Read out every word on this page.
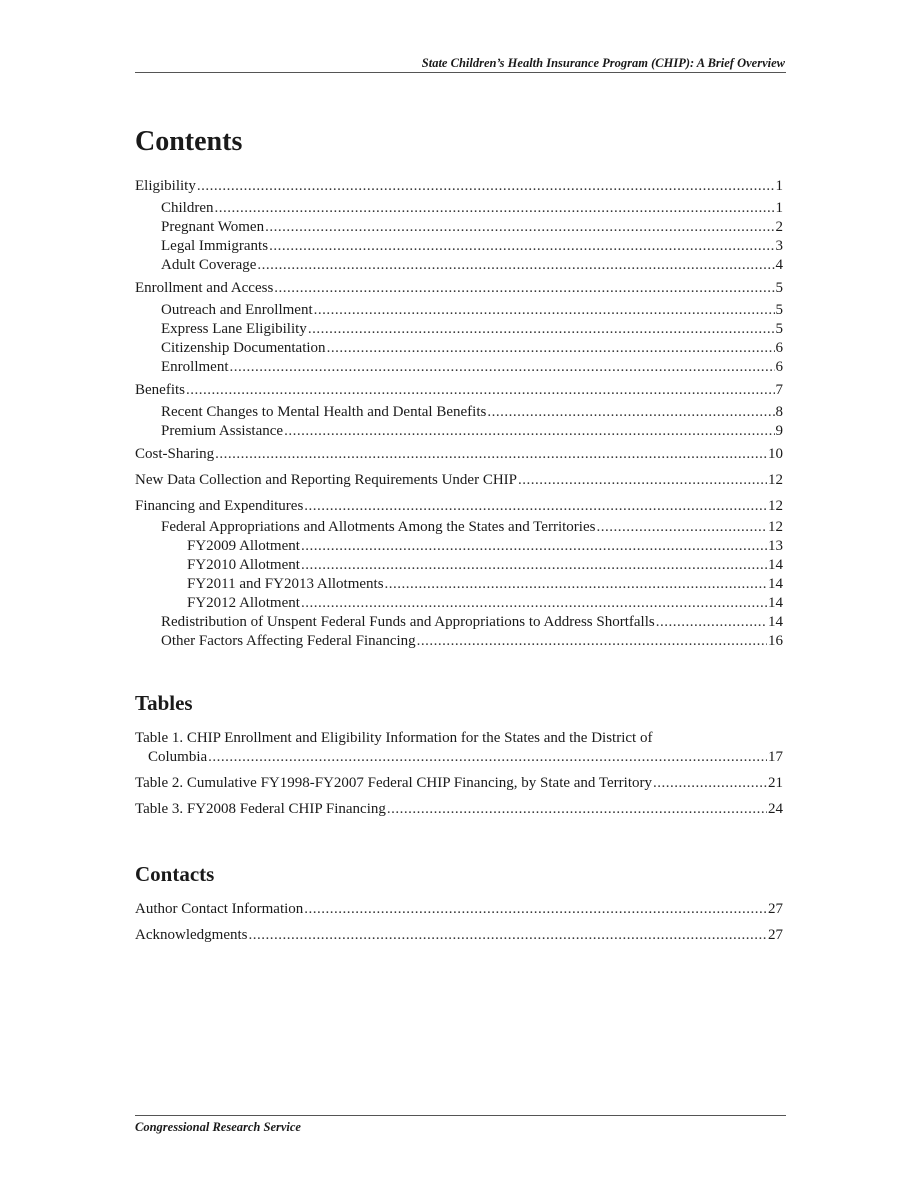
State Children’s Health Insurance Program (CHIP): A Brief Overview
Contents
Eligibility .....	1
Children .....	1
Pregnant Women .....	2
Legal Immigrants .....	3
Adult Coverage .....	4
Enrollment and Access .....	5
Outreach and Enrollment .....	5
Express Lane Eligibility .....	5
Citizenship Documentation .....	6
Enrollment .....	6
Benefits .....	7
Recent Changes to Mental Health and Dental Benefits .....	8
Premium Assistance .....	9
Cost-Sharing .....	10
New Data Collection and Reporting Requirements Under CHIP .....	12
Financing and Expenditures .....	12
Federal Appropriations and Allotments Among the States and Territories .....	12
FY2009 Allotment .....	13
FY2010 Allotment .....	14
FY2011 and FY2013 Allotments .....	14
FY2012 Allotment .....	14
Redistribution of Unspent Federal Funds and Appropriations to Address Shortfalls .....	14
Other Factors Affecting Federal Financing .....	16
Tables
Table 1. CHIP Enrollment and Eligibility Information for the States and the District of
Columbia .....	17
Table 2. Cumulative FY1998-FY2007 Federal CHIP Financing, by State and Territory .....	21
Table 3. FY2008 Federal CHIP Financing .....	24
Contacts
Author Contact Information .....	27
Acknowledgments .....	27
Congressional Research Service
